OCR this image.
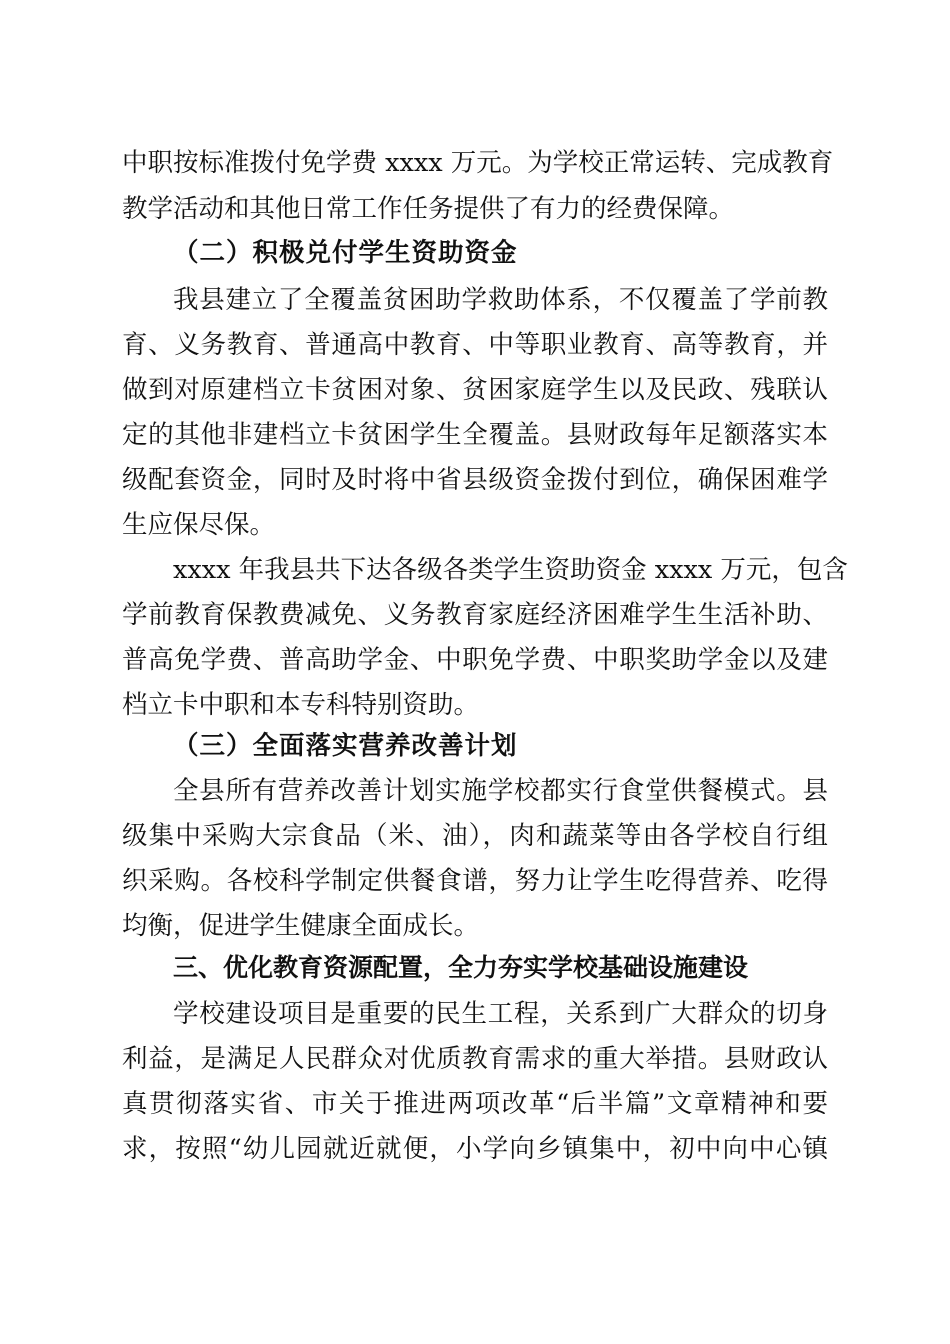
中职按标准拨付免学费 xxxx 万元。为学校正常运转、完成教育
教学活动和其他日常工作任务提供了有力的经费保障。
（二）积极兑付学生资助资金
我县建立了全覆盖贫困助学救助体系，不仅覆盖了学前教
育、义务教育、普通高中教育、中等职业教育、高等教育，并
做到对原建档立卡贫困对象、贫困家庭学生以及民政、残联认
定的其他非建档立卡贫困学生全覆盖。县财政每年足额落实本
级配套资金，同时及时将中省县级资金拨付到位，确保困难学
生应保尽保。
xxxx 年我县共下达各级各类学生资助资金 xxxx 万元，包含
学前教育保教费减免、义务教育家庭经济困难学生生活补助、
普高免学费、普高助学金、中职免学费、中职奖助学金以及建
档立卡中职和本专科特别资助。
（三）全面落实营养改善计划
全县所有营养改善计划实施学校都实行食堂供餐模式。县
级集中采购大宗食品（米、油），肉和蔬菜等由各学校自行组
织采购。各校科学制定供餐食谱，努力让学生吃得营养、吃得
均衡，促进学生健康全面成长。
三、优化教育资源配置，全力夯实学校基础设施建设
学校建设项目是重要的民生工程，关系到广大群众的切身
利益，是满足人民群众对优质教育需求的重大举措。县财政认
真贯彻落实省、市关于推进两项改革“后半篇”文章精神和要
求，按照“幼儿园就近就便，小学向乡镇集中，初中向中心镇
